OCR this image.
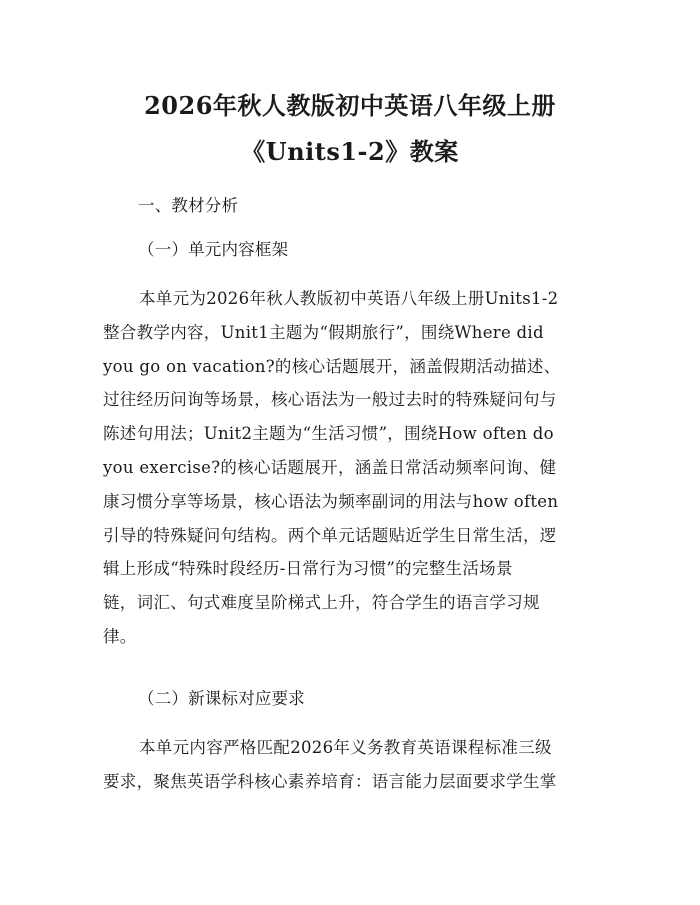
2026年秋人教版初中英语八年级上册
《Units1-2》教案
一、教材分析
（一）单元内容框架
本单元为2026年秋人教版初中英语八年级上册Units1-2
整合教学内容，Unit1主题为“假期旅行”，围绕Where did
you go on vacation?的核心话题展开，涵盖假期活动描述、
过往经历问询等场景，核心语法为一般过去时的特殊疑问句与
陈述句用法；Unit2主题为“生活习惯”，围绕How often do
you exercise?的核心话题展开，涵盖日常活动频率问询、健
康习惯分享等场景，核心语法为频率副词的用法与how often
引导的特殊疑问句结构。两个单元话题贴近学生日常生活，逻
辑上形成“特殊时段经历-日常行为习惯”的完整生活场景
链，词汇、句式难度呈阶梯式上升，符合学生的语言学习规
律。
（二）新课标对应要求
本单元内容严格匹配2026年义务教育英语课程标准三级
要求，聚焦英语学科核心素养培育：语言能力层面要求学生掌
